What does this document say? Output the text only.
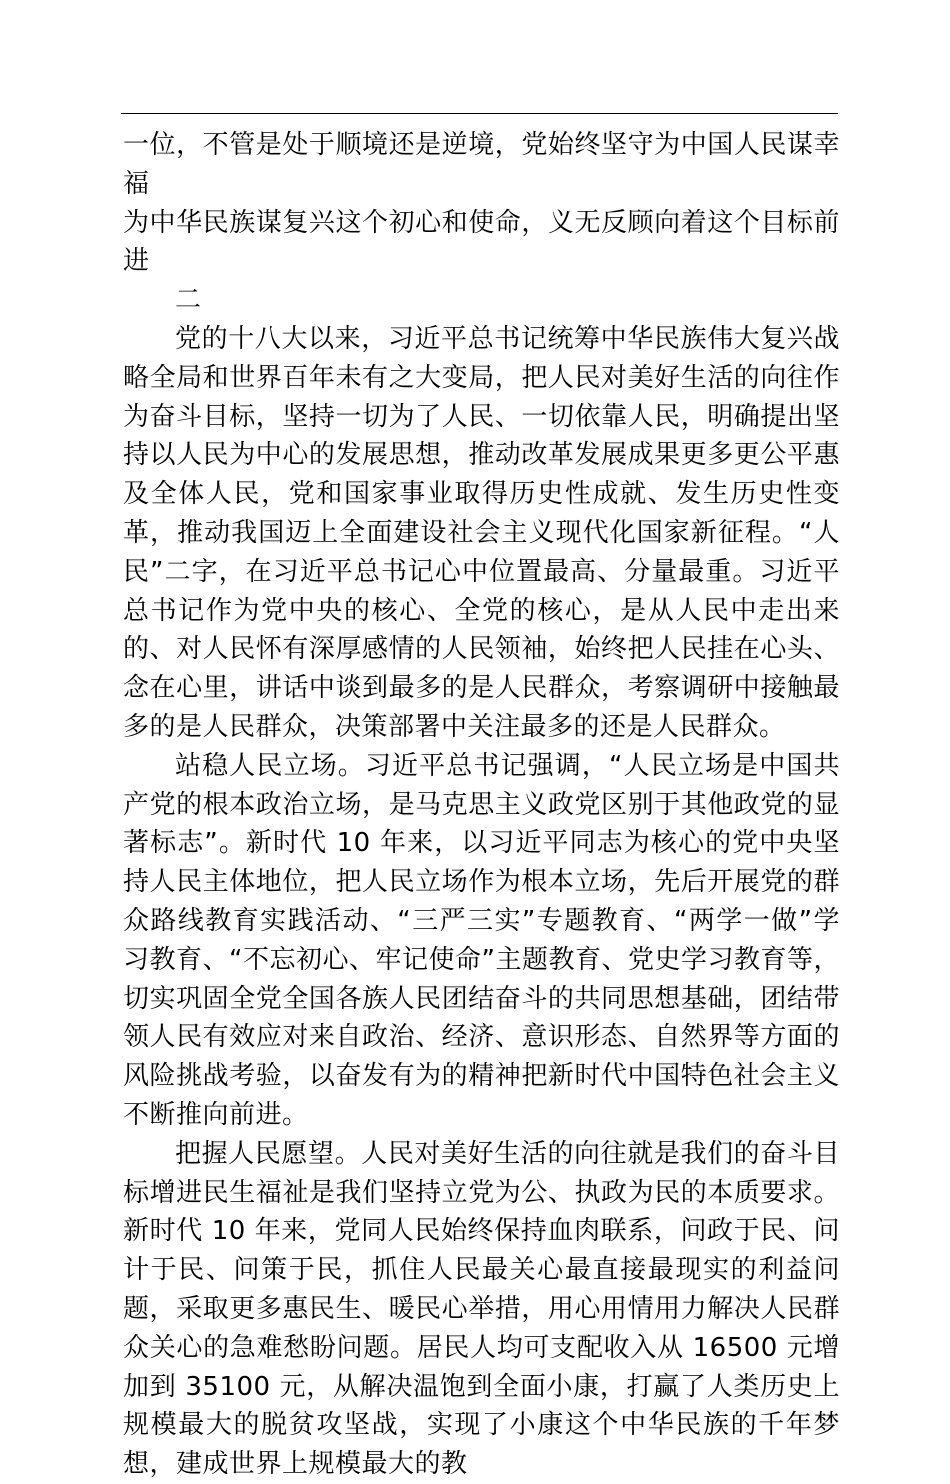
一位，不管是处于顺境还是逆境，党始终坚守为中国人民谋幸福
为中华民族谋复兴这个初心和使命，义无反顾向着这个目标前进
二
党的十八大以来，习近平总书记统筹中华民族伟大复兴战略全局和世界百年未有之大变局，把人民对美好生活的向往作为奋斗目标，坚持一切为了人民、一切依靠人民，明确提出坚持以人民为中心的发展思想，推动改革发展成果更多更公平惠及全体人民，党和国家事业取得历史性成就、发生历史性变革，推动我国迈上全面建设社会主义现代化国家新征程。“人民”二字，在习近平总书记心中位置最高、分量最重。习近平总书记作为党中央的核心、全党的核心，是从人民中走出来的、对人民怀有深厚感情的人民领袖，始终把人民挂在心头、念在心里，讲话中谈到最多的是人民群众，考察调研中接触最多的是人民群众，决策部署中关注最多的还是人民群众。
站稳人民立场。习近平总书记强调，“人民立场是中国共产党的根本政治立场，是马克思主义政党区别于其他政党的显著标志”。新时代 10 年来，以习近平同志为核心的党中央坚持人民主体地位，把人民立场作为根本立场，先后开展党的群众路线教育实践活动、“三严三实”专题教育、“两学一做”学习教育、“不忘初心、牢记使命”主题教育、党史学习教育等，切实巩固全党全国各族人民团结奋斗的共同思想基础，团结带领人民有效应对来自政治、经济、意识形态、自然界等方面的风险挑战考验，以奋发有为的精神把新时代中国特色社会主义不断推向前进。
把握人民愿望。人民对美好生活的向往就是我们的奋斗目标增进民生福祉是我们坚持立党为公、执政为民的本质要求。新时代 10 年来，党同人民始终保持血肉联系，问政于民、问计于民、问策于民，抓住人民最关心最直接最现实的利益问题，采取更多惠民生、暖民心举措，用心用情用力解决人民群众关心的急难愁盼问题。居民人均可支配收入从 16500 元增加到 35100 元，从解决温饱到全面小康，打赢了人类历史上规模最大的脱贫攻坚战，实现了小康这个中华民族的千年梦想，建成世界上规模最大的教
